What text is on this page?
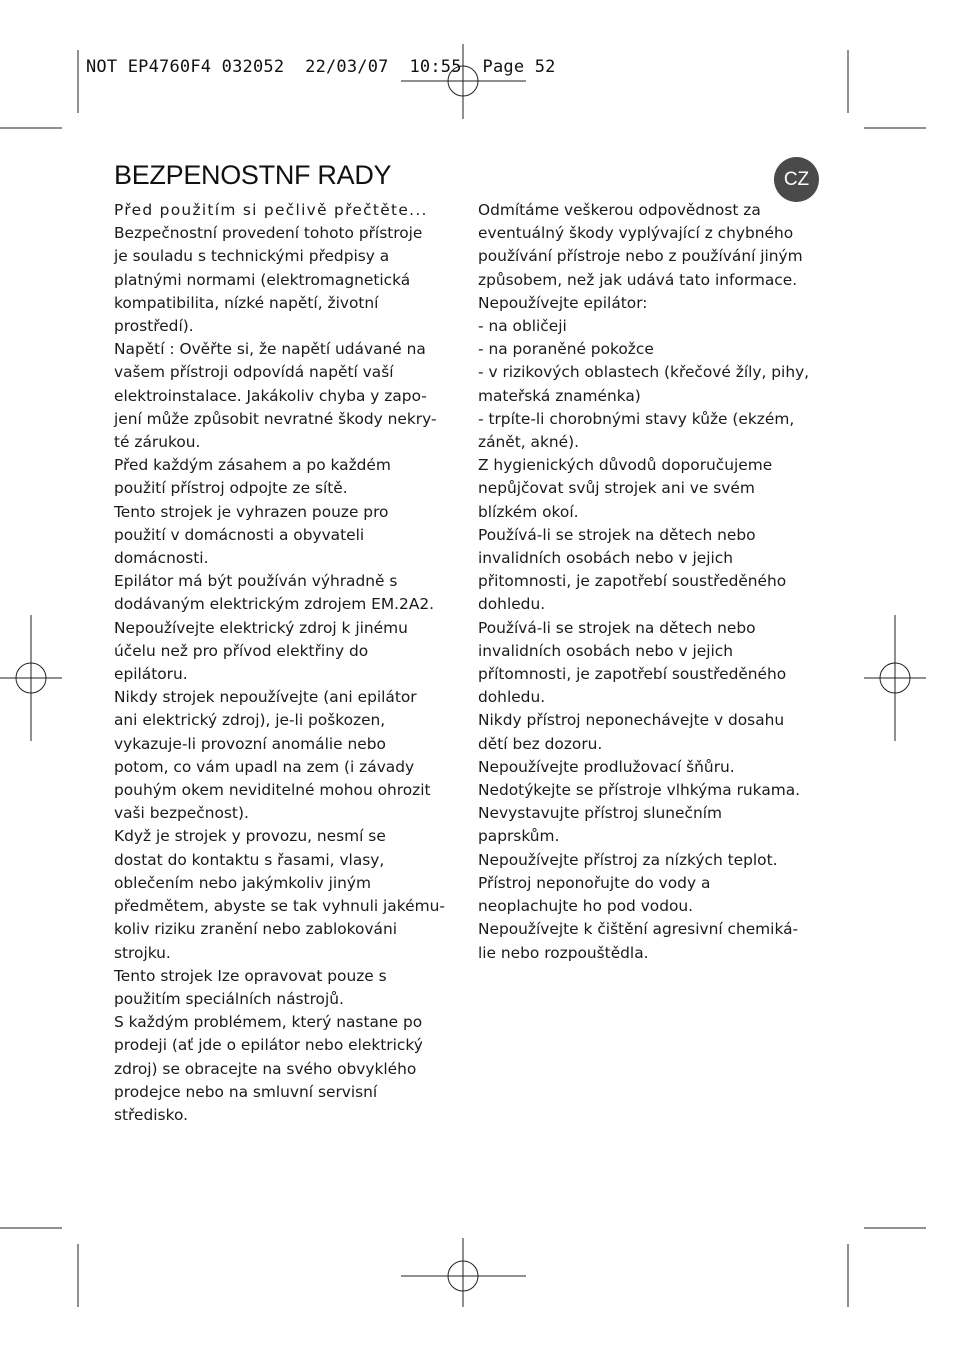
NOT EP4760F4 032052  22/03/07  10:55  Page 52
BEZPENOSTNF RADY	CZ
Před použitím si pečlivě přečtěte...
Bezpečnostní provedení tohoto přístroje
je souladu s technickými předpisy a
platnými normami (elektromagnetická
kompatibilita, nízké napětí, životní
prostředí).
Napětí : Ověřte si, že napětí udávané na
vašem přístroji odpovídá napětí vaší
elektroinstalace. Jakákoliv chyba y zapo-
jení může způsobit nevratné škody nekry-
té zárukou.
Před každým zásahem a po každém
použití přístroj odpojte ze sítě.
Tento strojek je vyhrazen pouze pro
použití v domácnosti a obyvateli
domácnosti.
Epilátor má být používán výhradně s
dodávaným elektrickým zdrojem EM.2A2.
Nepoužívejte elektrický zdroj k jinému
účelu než pro přívod elektřiny do
epilátoru.
Nikdy strojek nepoužívejte (ani epilátor
ani elektrický zdroj), je-li poškozen,
vykazuje-li provozní anomálie nebo
potom, co vám upadl na zem (i závady
pouhým okem neviditelné mohou ohrozit
vaši bezpečnost).
Když je strojek y provozu, nesmí se
dostat do kontaktu s řasami, vlasy,
oblečením nebo jakýmkoliv jiným
předmětem, abyste se tak vyhnuli jakému-
koliv riziku zranění nebo zablokováni
strojku.
Tento strojek Ize opravovat pouze s
použitím speciálních nástrojů.
S každým problémem, který nastane po
prodeji (ať jde o epilátor nebo elektrický
zdroj) se obracejte na svého obvyklého
prodejce nebo na smluvní servisní
středisko.
Odmítáme veškerou odpovědnost za
eventuálný škody vyplývající z chybného
používání přístroje nebo z používání jiným
způsobem, než jak udává tato informace.
Nepoužívejte epilátor:
- na obličeji
- na poraněné pokožce
- v rizikových oblastech (křečové žíly, pihy,
mateřská znaménka)
- trpíte-li chorobnými stavy kůže (ekzém,
zánět, akné).
Z hygienických důvodů doporučujeme
nepůjčovat svůj strojek ani ve svém
blízkém okoí.
Používá-li se strojek na dětech nebo
invalidních osobách nebo v jejich
přitomnosti, je zapotřebí soustředěného
dohledu.
Používá-li se strojek na dětech nebo
invalidních osobách nebo v jejich
přítomnosti, je zapotřebí soustředěného
dohledu.
Nikdy přístroj neponechávejte v dosahu
dětí bez dozoru.
Nepoužívejte prodlužovací šňůru.
Nedotýkejte se přístroje vlhkýma rukama.
Nevystavujte přístroj slunečním
paprskům.
Nepoužívejte přístroj za nízkých teplot.
Přístroj neponořujte do vody a
neoplachujte ho pod vodou.
Nepoužívejte k čištění agresivní chemiká-
lie nebo rozpouštědla.
